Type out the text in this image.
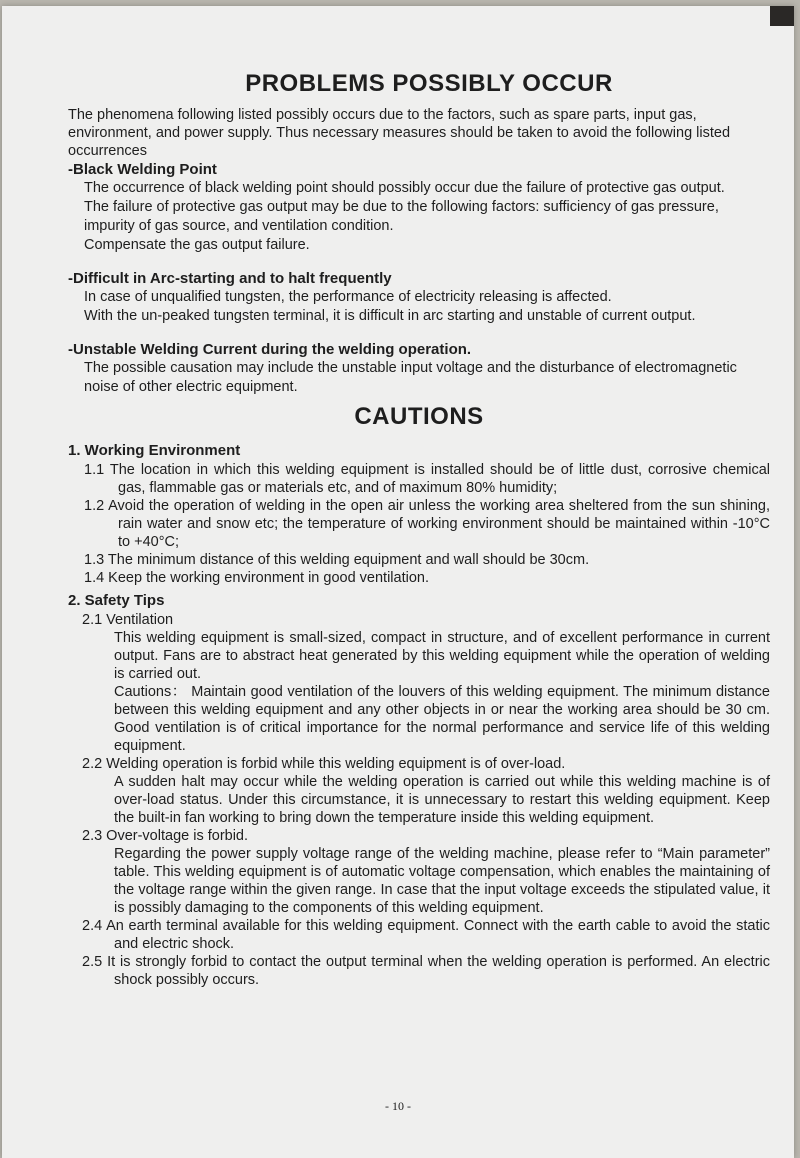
PROBLEMS POSSIBLY OCCUR

The phenomena following listed possibly occurs due to the factors, such as spare parts, input gas, environment, and power supply. Thus necessary measures should be taken to avoid the following listed occurrences

-Black Welding Point

The occurrence of black welding point should possibly occur due the failure of protective gas output.

The failure of protective gas output may be due to the following factors: sufficiency of gas pressure, impurity of gas source, and ventilation condition.

Compensate the gas output failure.

-Difficult in Arc-starting and to halt frequently

In case of unqualified tungsten, the performance of electricity releasing is affected.

With the un-peaked tungsten terminal, it is difficult in arc starting and unstable of current output.

-Unstable Welding Current during the welding operation.

The possible causation may include the unstable input voltage and the disturbance of electromagnetic noise of other electric equipment.

CAUTIONS

1. Working Environment

1.1 The location in which this welding equipment is installed should be of little dust, corrosive chemical gas, flammable gas or materials etc, and of maximum 80% humidity;

1.2 Avoid the operation of welding in the open air unless the working area sheltered from the sun shining, rain water and snow etc; the temperature of working environment should be maintained within -10°C to +40°C;

1.3 The minimum distance of this welding equipment and wall should be 30cm.

1.4 Keep the working environment in good ventilation.

2. Safety Tips

2.1 Ventilation

This welding equipment is small-sized, compact in structure, and of excellent performance in current output. Fans are to abstract heat generated by this welding equipment while the operation of welding is carried out.

Cautions： Maintain good ventilation of the louvers of this welding equipment. The minimum distance between this welding equipment and any other objects in or near the working area should be 30 cm. Good ventilation is of critical importance for the normal performance and service life of this welding equipment.

2.2 Welding operation is forbid while this welding equipment is of over-load.

A sudden halt may occur while the welding operation is carried out while this welding machine is of over-load status. Under this circumstance, it is unnecessary to restart this welding equipment. Keep the built-in fan working to bring down the temperature inside this welding equipment.

2.3 Over-voltage is forbid.

Regarding the power supply voltage range of the welding machine, please refer to “Main parameter” table. This welding equipment is of automatic voltage compensation, which enables the maintaining of the voltage range within the given range. In case that the input voltage exceeds the stipulated value, it is possibly damaging to the components of this welding equipment.

2.4 An earth terminal available for this welding equipment. Connect with the earth cable to avoid the static and electric shock.

2.5 It is strongly forbid to contact the output terminal when the welding operation is performed. An electric shock possibly occurs.

- 10 -
